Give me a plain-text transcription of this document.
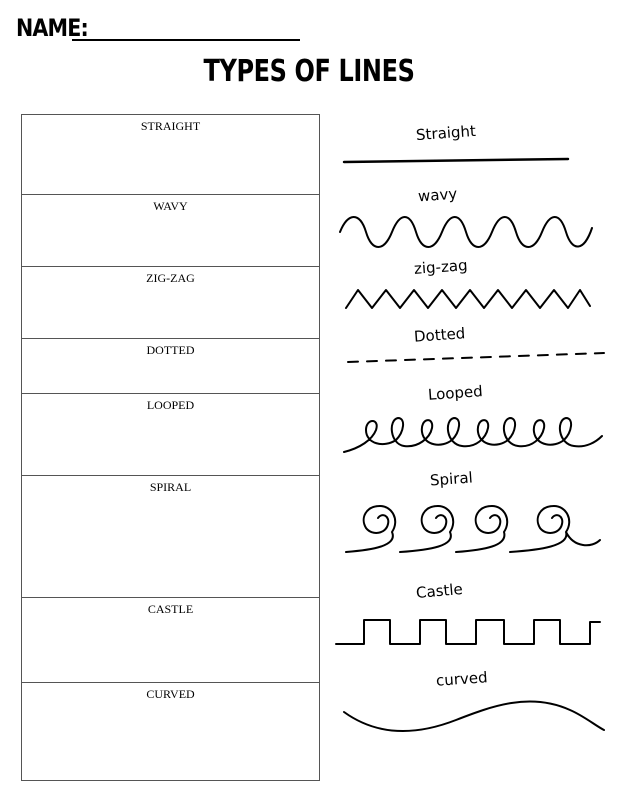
NAME:
TYPES OF LINES
STRAIGHT
WAVY
ZIG-ZAG
DOTTED
LOOPED
SPIRAL
CASTLE
CURVED
Straight
wavy
zig-zag
Dotted
Looped
Spiral
Castle
curved
